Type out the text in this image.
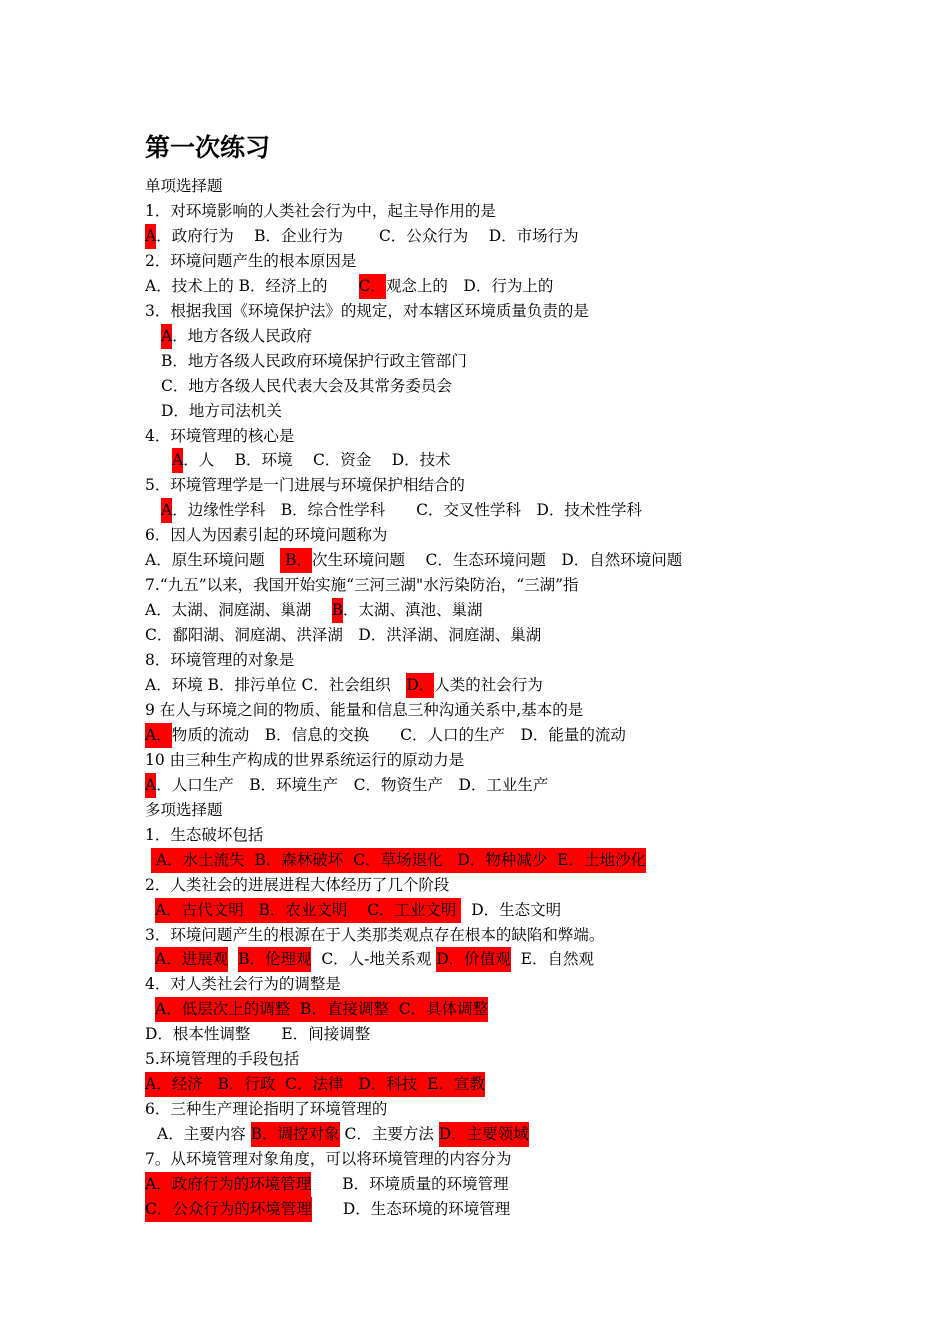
第一次练习
单项选择题
1．对环境影响的人类社会行为中，起主导作用的是
A．政府行为　 B．企业行为　　 C．公众行为　 D．市场行为
2．环境问题产生的根本原因是
A．技术上的 B．经济上的　　C．观念上的　D．行为上的
3．根据我国《环境保护法》的规定，对本辖区环境质量负责的是
A．地方各级人民政府
B．地方各级人民政府环境保护行政主管部门
C．地方各级人民代表大会及其常务委员会
D．地方司法机关
4．环境管理的核心是
A．人　 B．环境　 C．资金　 D．技术
5．环境管理学是一门进展与环境保护相结合的
A．边缘性学科　B．综合性学科　　C．交叉性学科　D．技术性学科
6．因人为因素引起的环境问题称为
A．原生环境问题　 B．次生环境问题　 C．生态环境问题　D．自然环境问题
7.“九五”以来，我国开始实施“三河三湖"水污染防治，“三湖”指
A．太湖、洞庭湖、巢湖　 B．太湖、滇池、巢湖
C．鄱阳湖、洞庭湖、洪泽湖　D．洪泽湖、洞庭湖、巢湖
8．环境管理的对象是
A．环境 B．排污单位 C．社会组织　D．人类的社会行为
9 在人与环境之间的物质、能量和信息三种沟通关系中,基本的是
A．物质的流动　B．信息的交换　　C．人口的生产　D．能量的流动
10 由三种生产构成的世界系统运行的原动力是
A．人口生产　B．环境生产　C．物资生产　D．工业生产
多项选择题
1．生态破坏包括
A．水土流失  B．森林破坏  C．草场退化   D．物种减少  E．土地沙化
2．人类社会的进展进程大体经历了几个阶段
A．古代文明   B．农业文明    C．工业文明   D．生态文明
3．环境问题产生的根源在于人类那类观点存在根本的缺陷和弊端。
A．进展观 B．伦理观  C．人-地关系观 D．价值观  E．自然观
4．对人类社会行为的调整是
A．低层次上的调整  B．直接调整  C．具体调整
D．根本性调整　　E．间接调整
5.环境管理的手段包括
A．经济   B．行政  C．法律   D．科技  E．宣教
6．三种生产理论指明了环境管理的
A．主要内容 B．调控对象 C．主要方法 D．主要领域
7。从环境管理对象角度，可以将环境管理的内容分为
A．政府行为的环境管理　　B．环境质量的环境管理
C．公众行为的环境管理　　D．生态环境的环境管理
